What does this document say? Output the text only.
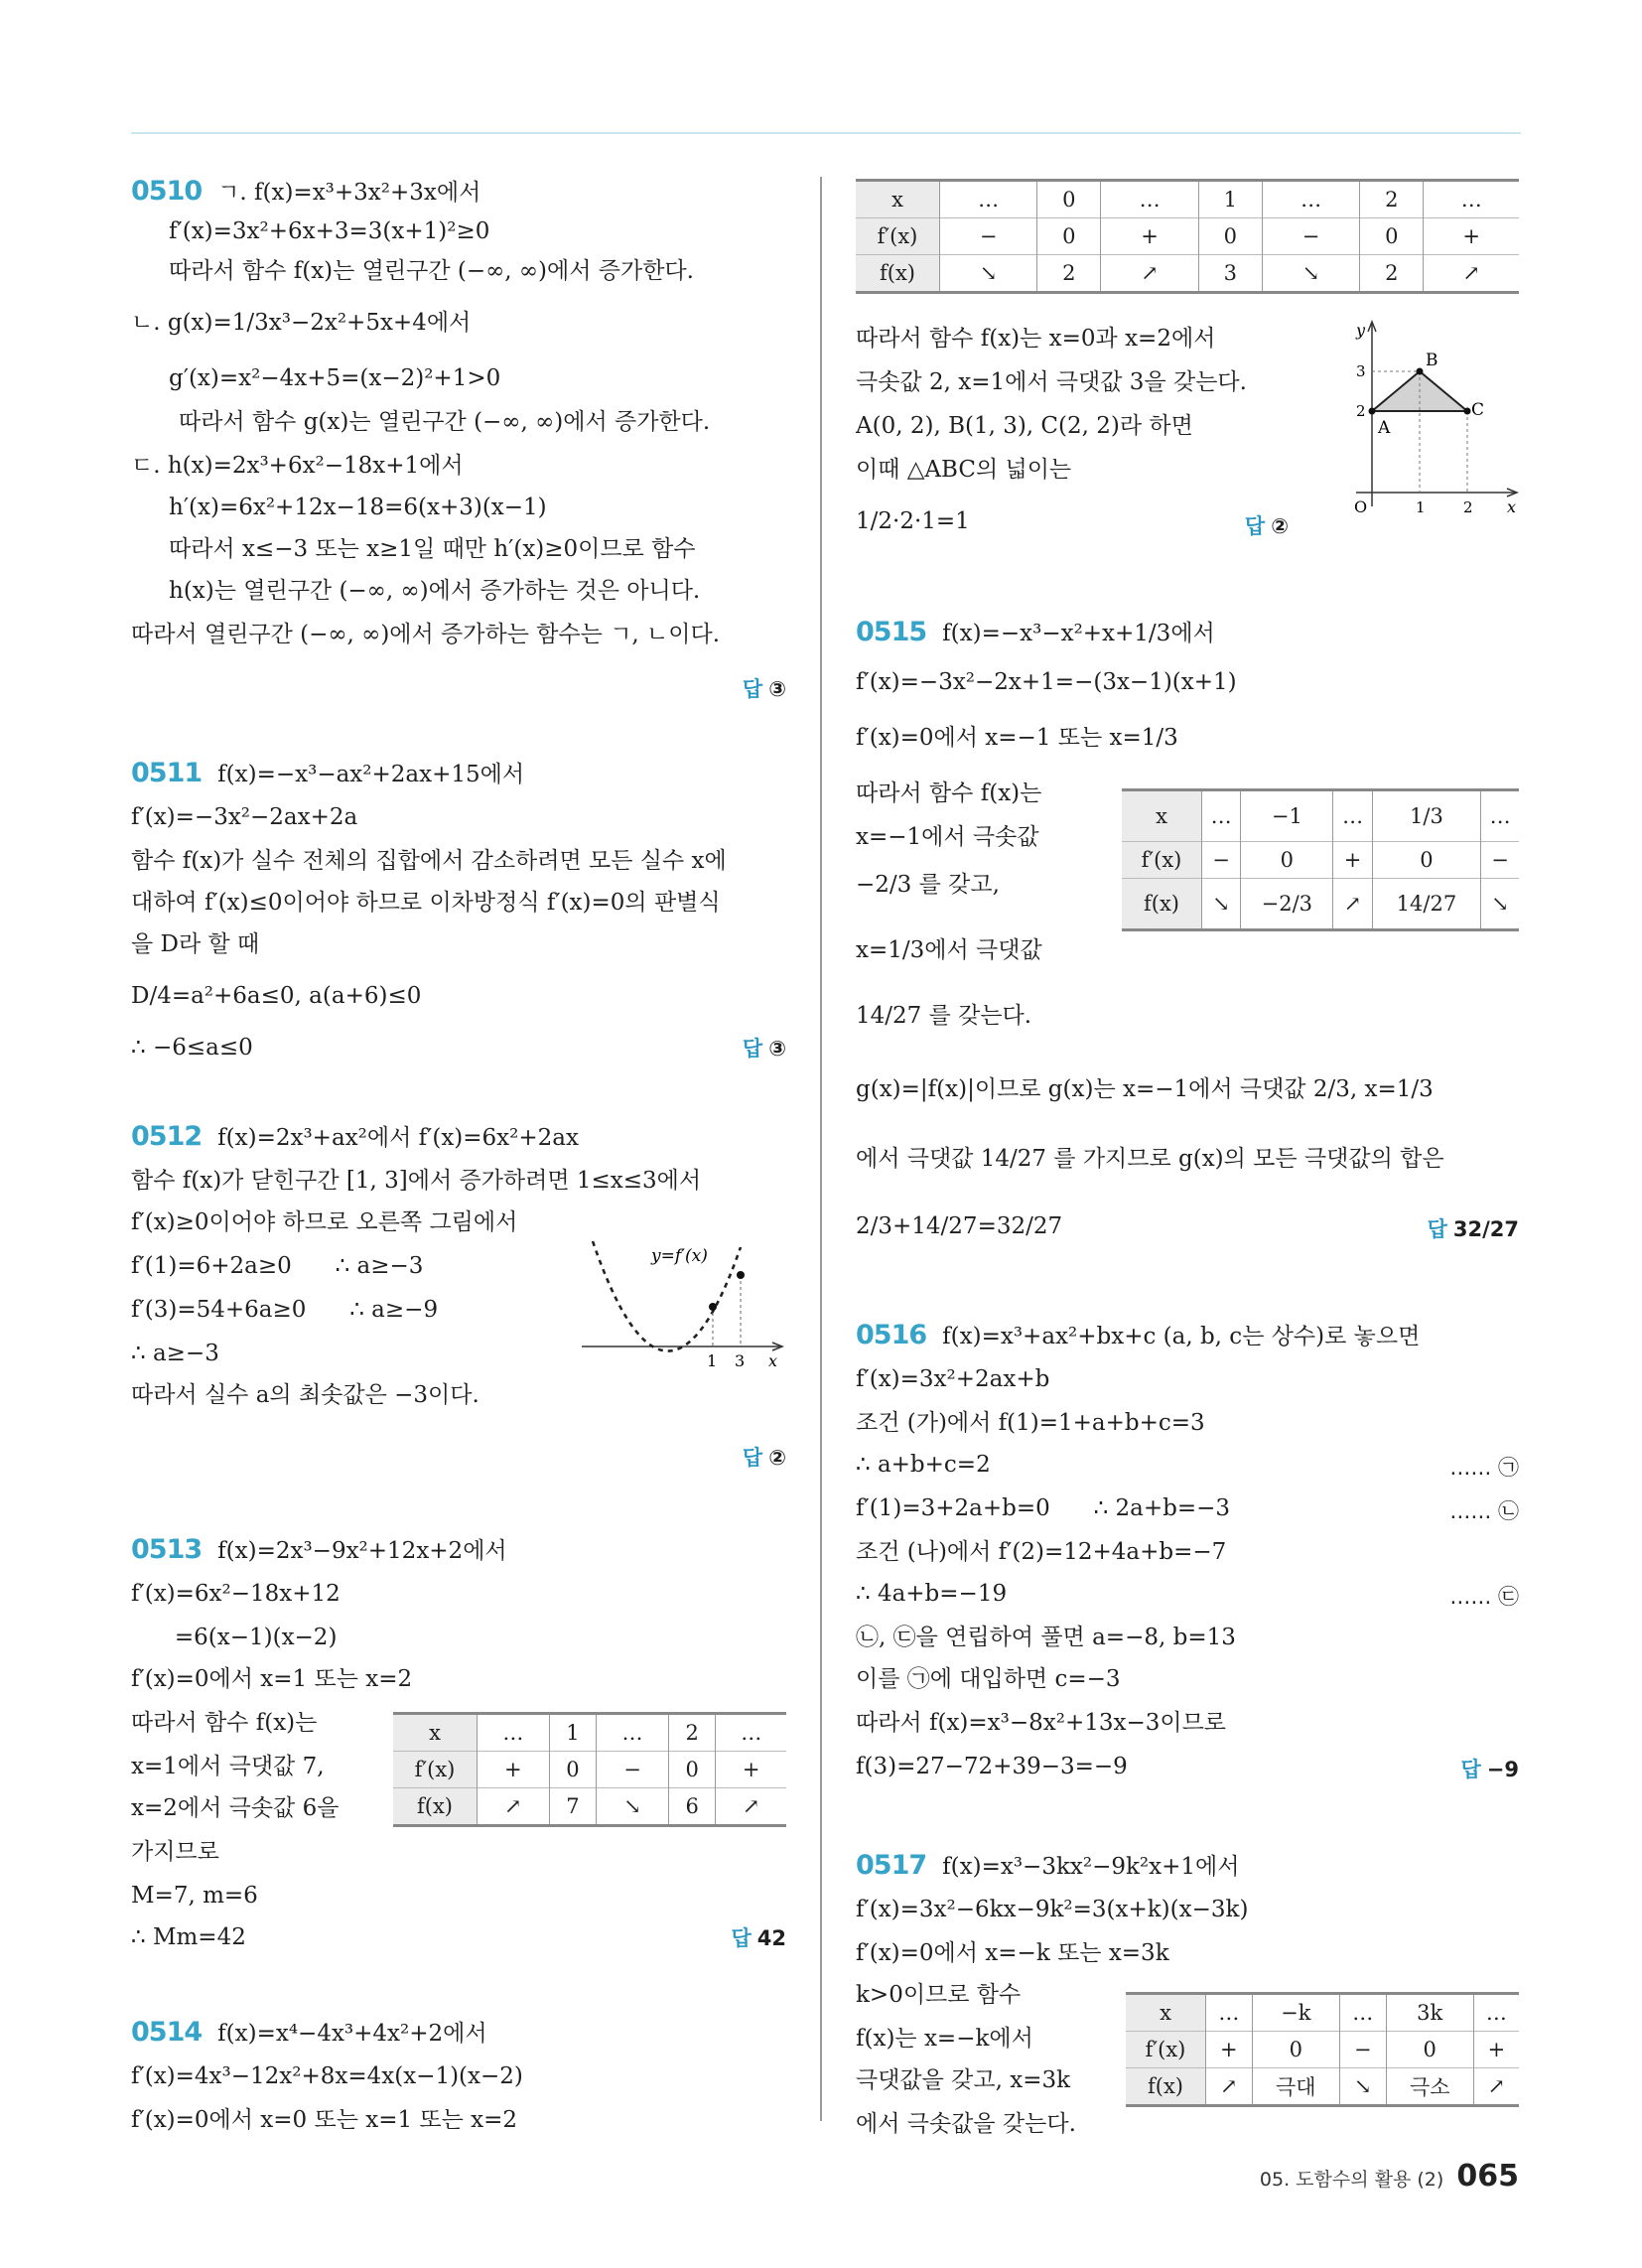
0510 ㄱ. f(x)=x³+3x²+3x에서
f′(x)=3x²+6x+3=3(x+1)²≥0
따라서 함수 f(x)는 열린구간 (−∞, ∞)에서 증가한다.
ㄴ. g(x)=1/3x³−2x²+5x+4에서
g′(x)=x²−4x+5=(x−2)²+1>0
따라서 함수 g(x)는 열린구간 (−∞, ∞)에서 증가한다.
ㄷ. h(x)=2x³+6x²−18x+1에서
h′(x)=6x²+12x−18=6(x+3)(x−1)
따라서 x≤−3 또는 x≥1일 때만 h′(x)≥0이므로 함수
h(x)는 열린구간 (−∞, ∞)에서 증가하는 것은 아니다.
따라서 열린구간 (−∞, ∞)에서 증가하는 함수는 ㄱ, ㄴ이다.
답 ③
0511 f(x)=−x³−ax²+2ax+15에서
f′(x)=−3x²−2ax+2a
함수 f(x)가 실수 전체의 집합에서 감소하려면 모든 실수 x에
대하여 f′(x)≤0이어야 하므로 이차방정식 f′(x)=0의 판별식
을 D라 할 때
D/4=a²+6a≤0, a(a+6)≤0
∴ −6≤a≤0	답 ③
0512 f(x)=2x³+ax²에서 f′(x)=6x²+2ax
함수 f(x)가 닫힌구간 [1, 3]에서 증가하려면 1≤x≤3에서
f′(x)≥0이어야 하므로 오른쪽 그림에서
f′(1)=6+2a≥0      ∴ a≥−3
f′(3)=54+6a≥0      ∴ a≥−9
∴ a≥−3
따라서 실수 a의 최솟값은 −3이다.
y=f′(x)
1 3 x
답 ②
0513 f(x)=2x³−9x²+12x+2에서
f′(x)=6x²−18x+12
=6(x−1)(x−2)
f′(x)=0에서 x=1 또는 x=2
따라서 함수 f(x)는
x=1에서 극댓값 7,
x=2에서 극솟값 6을
가지므로
M=7, m=6
∴ Mm=42
x	…	1	…	2	…
f′(x)	+	0	−	0	+
f(x)	↗	7	↘	6	↗
답 42
0514 f(x)=x⁴−4x³+4x²+2에서
f′(x)=4x³−12x²+8x=4x(x−1)(x−2)
f′(x)=0에서 x=0 또는 x=1 또는 x=2
x	…	0	…	1	…	2	…
f′(x)	−	0	+	0	−	0	+
f(x)	↘	2	↗	3	↘	2	↗
따라서 함수 f(x)는 x=0과 x=2에서
극솟값 2, x=1에서 극댓값 3을 갖는다.
A(0, 2), B(1, 3), C(2, 2)라 하면
이때 △ABC의 넓이는
1/2·2·1=1	답 ②
A
B
C
y
x
O	1	2
2
3
0515 f(x)=−x³−x²+x+1/3에서
f′(x)=−3x²−2x+1=−(3x−1)(x+1)
f′(x)=0에서 x=−1 또는 x=1/3
따라서 함수 f(x)는
x=−1에서 극솟값
−2/3 를 갖고,
x=1/3에서 극댓값
14/27 를 갖는다.
x	…	−1	…	1/3	…
f′(x)	−	0	+	0	−
f(x)	↘	−2/3	↗	14/27	↘
g(x)=|f(x)|이므로 g(x)는 x=−1에서 극댓값 2/3, x=1/3
에서 극댓값 14/27 를 가지므로 g(x)의 모든 극댓값의 합은
2/3+14/27=32/27	답 32/27
0516 f(x)=x³+ax²+bx+c (a, b, c는 상수)로 놓으면
f′(x)=3x²+2ax+b
조건 (가)에서 f(1)=1+a+b+c=3
∴ a+b+c=2
f′(1)=3+2a+b=0      ∴ 2a+b=−3
조건 (나)에서 f′(2)=12+4a+b=−7
∴ 4a+b=−19
㉡, ㉢을 연립하여 풀면 a=−8, b=13
이를 ㉠에 대입하면 c=−3
따라서 f(x)=x³−8x²+13x−3이므로
f(3)=27−72+39−3=−9
…… ㉠
…… ㉡
…… ㉢
답 −9
0517 f(x)=x³−3kx²−9k²x+1에서
f′(x)=3x²−6kx−9k²=3(x+k)(x−3k)
f′(x)=0에서 x=−k 또는 x=3k
k>0이므로 함수
f(x)는 x=−k에서
극댓값을 갖고, x=3k
에서 극솟값을 갖는다.
x	…	−k	…	3k	…
f′(x)	+	0	−	0	+
f(x)	↗	극대	↘	극소	↗
05. 도함수의 활용 (2) 065
